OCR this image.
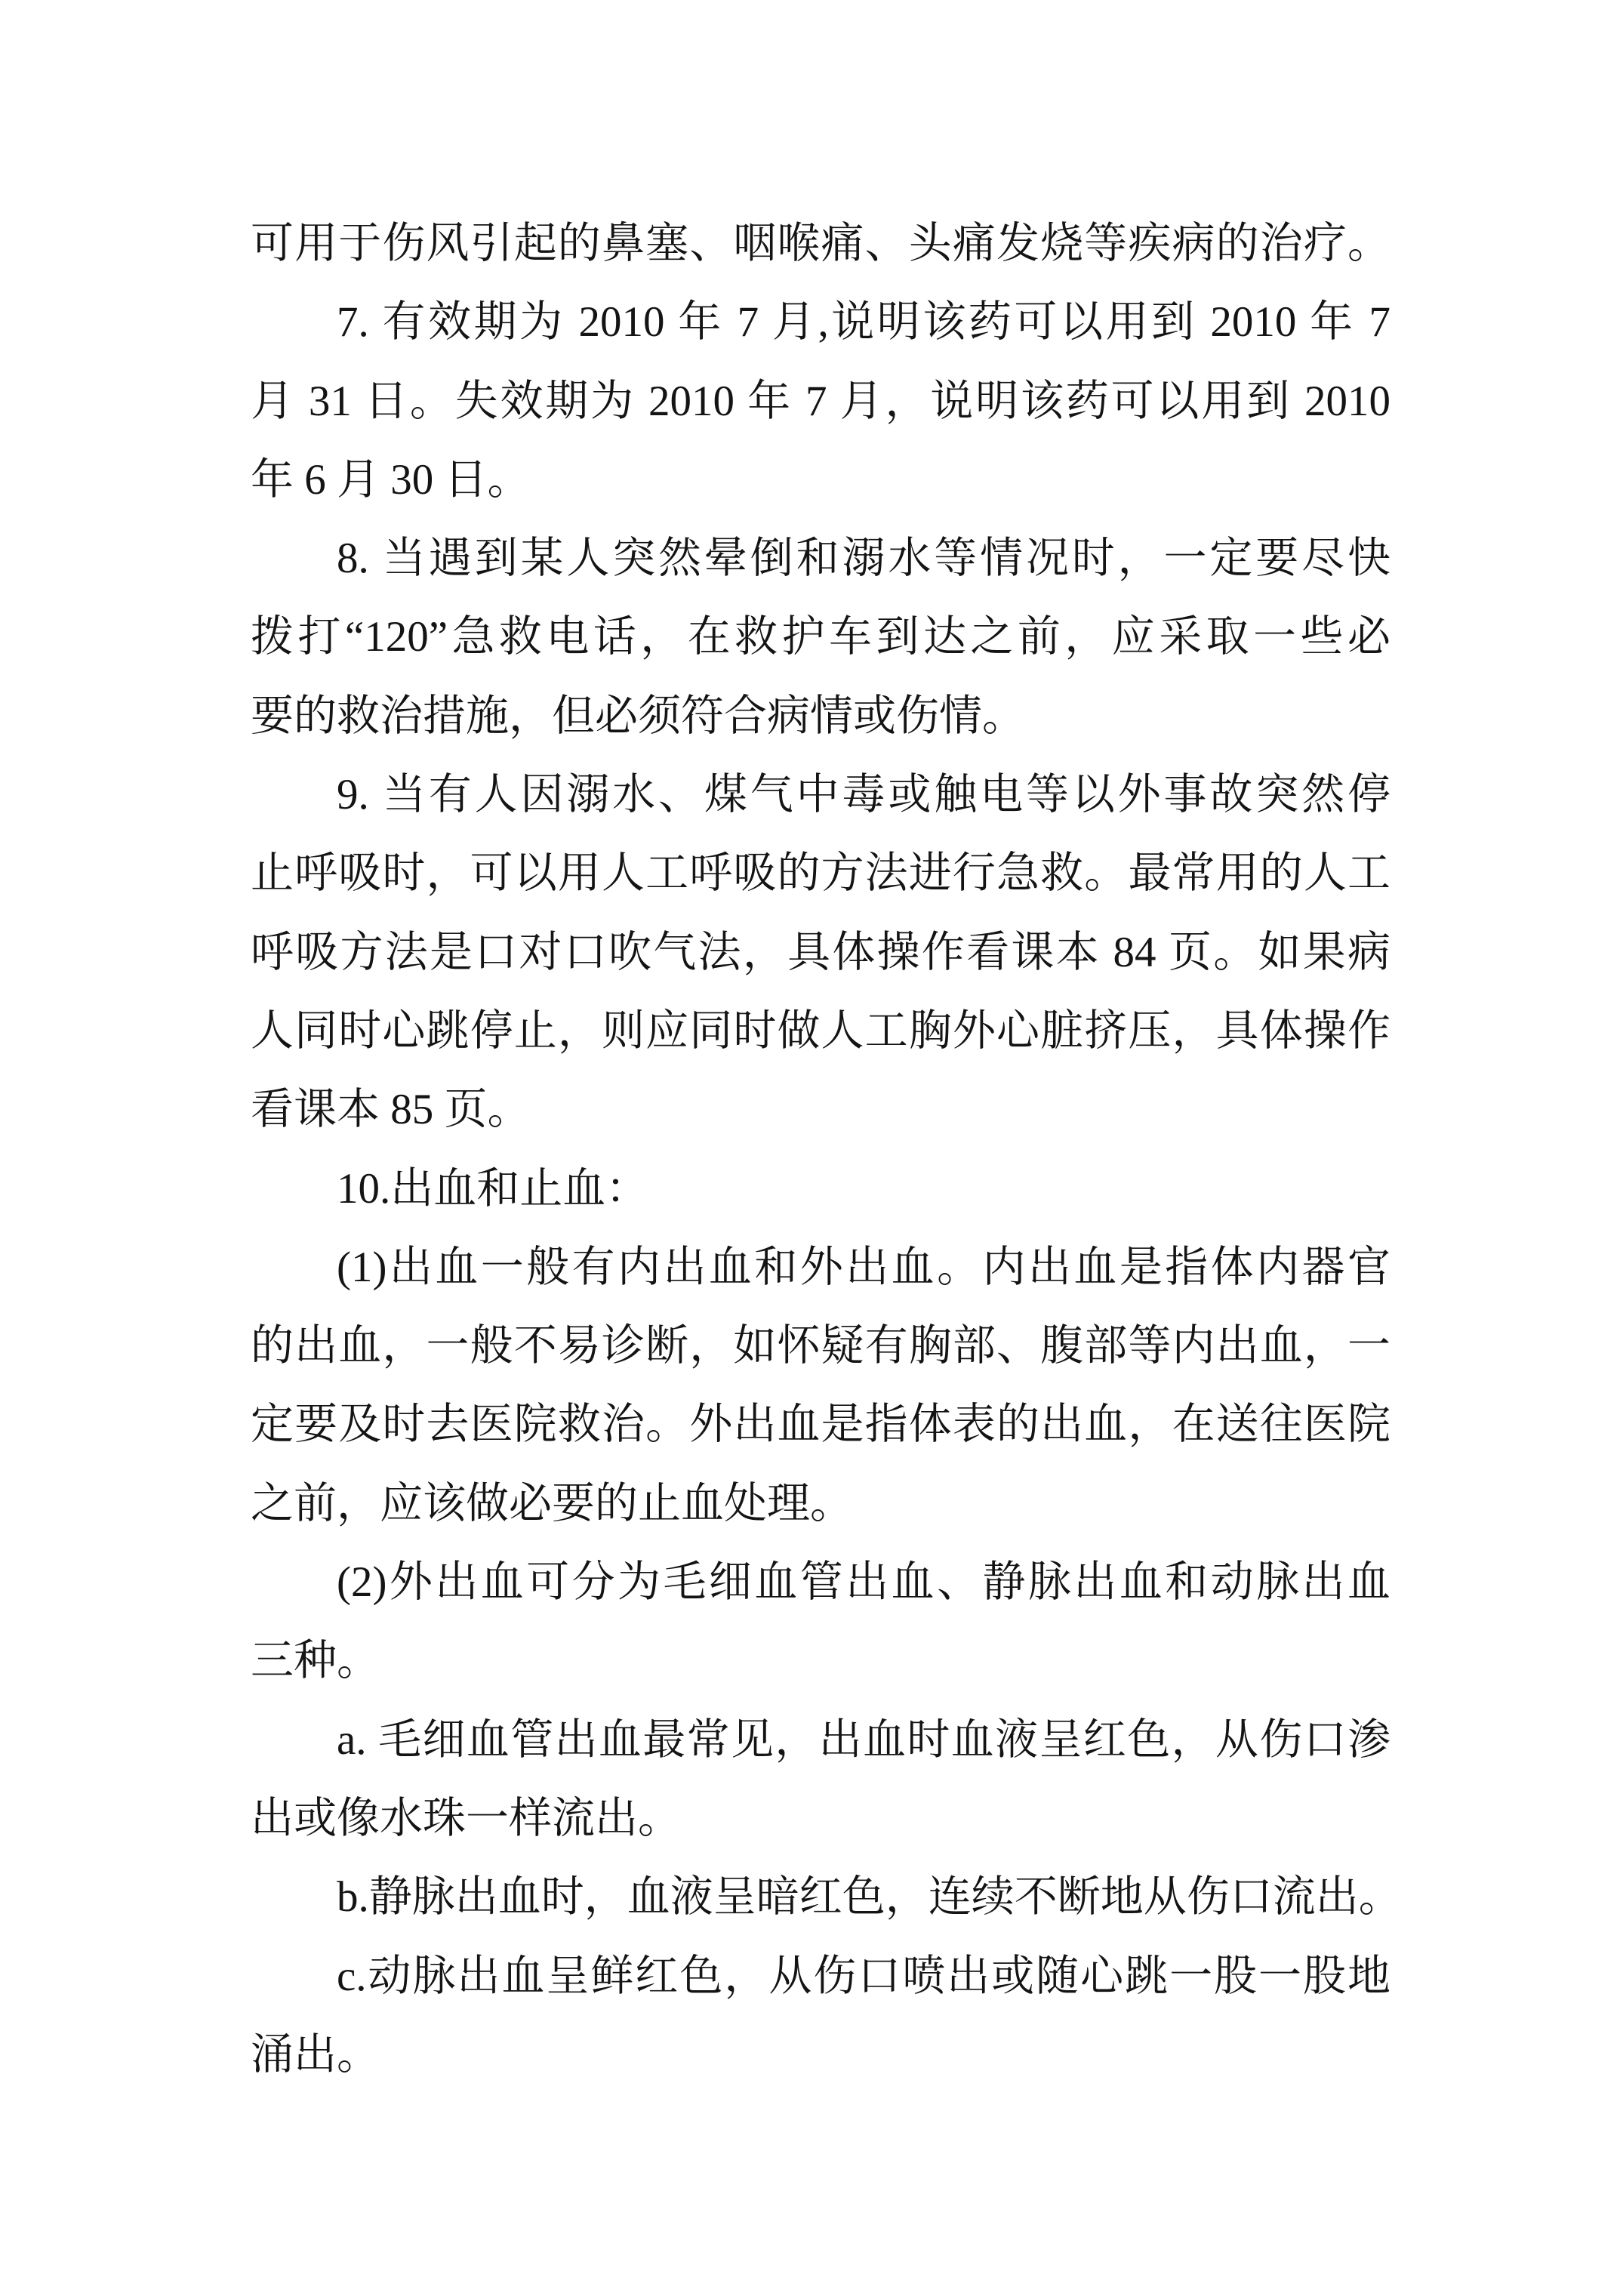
可用于伤风引起的鼻塞、咽喉痛、头痛发烧等疾病的治疗。
7. 有效期为 2010 年 7 月,说明该药可以用到 2010 年 7
月 31 日。失效期为 2010 年 7 月，说明该药可以用到 2010
年 6 月 30 日。
8. 当遇到某人突然晕倒和溺水等情况时，一定要尽快
拨打“120”急救电话，在救护车到达之前，应采取一些必
要的救治措施，但必须符合病情或伤情。
9. 当有人因溺水、煤气中毒或触电等以外事故突然停
止呼吸时，可以用人工呼吸的方法进行急救。最常用的人工
呼吸方法是口对口吹气法，具体操作看课本 84 页。如果病
人同时心跳停止，则应同时做人工胸外心脏挤压，具体操作
看课本 85 页。
10.出血和止血：
(1)出血一般有内出血和外出血。内出血是指体内器官
的出血，一般不易诊断，如怀疑有胸部、腹部等内出血，一
定要及时去医院救治。外出血是指体表的出血，在送往医院
之前，应该做必要的止血处理。
(2)外出血可分为毛细血管出血、静脉出血和动脉出血
三种。
a. 毛细血管出血最常见，出血时血液呈红色，从伤口渗
出或像水珠一样流出。
b.静脉出血时，血液呈暗红色，连续不断地从伤口流出。
c.动脉出血呈鲜红色，从伤口喷出或随心跳一股一股地
涌出。
